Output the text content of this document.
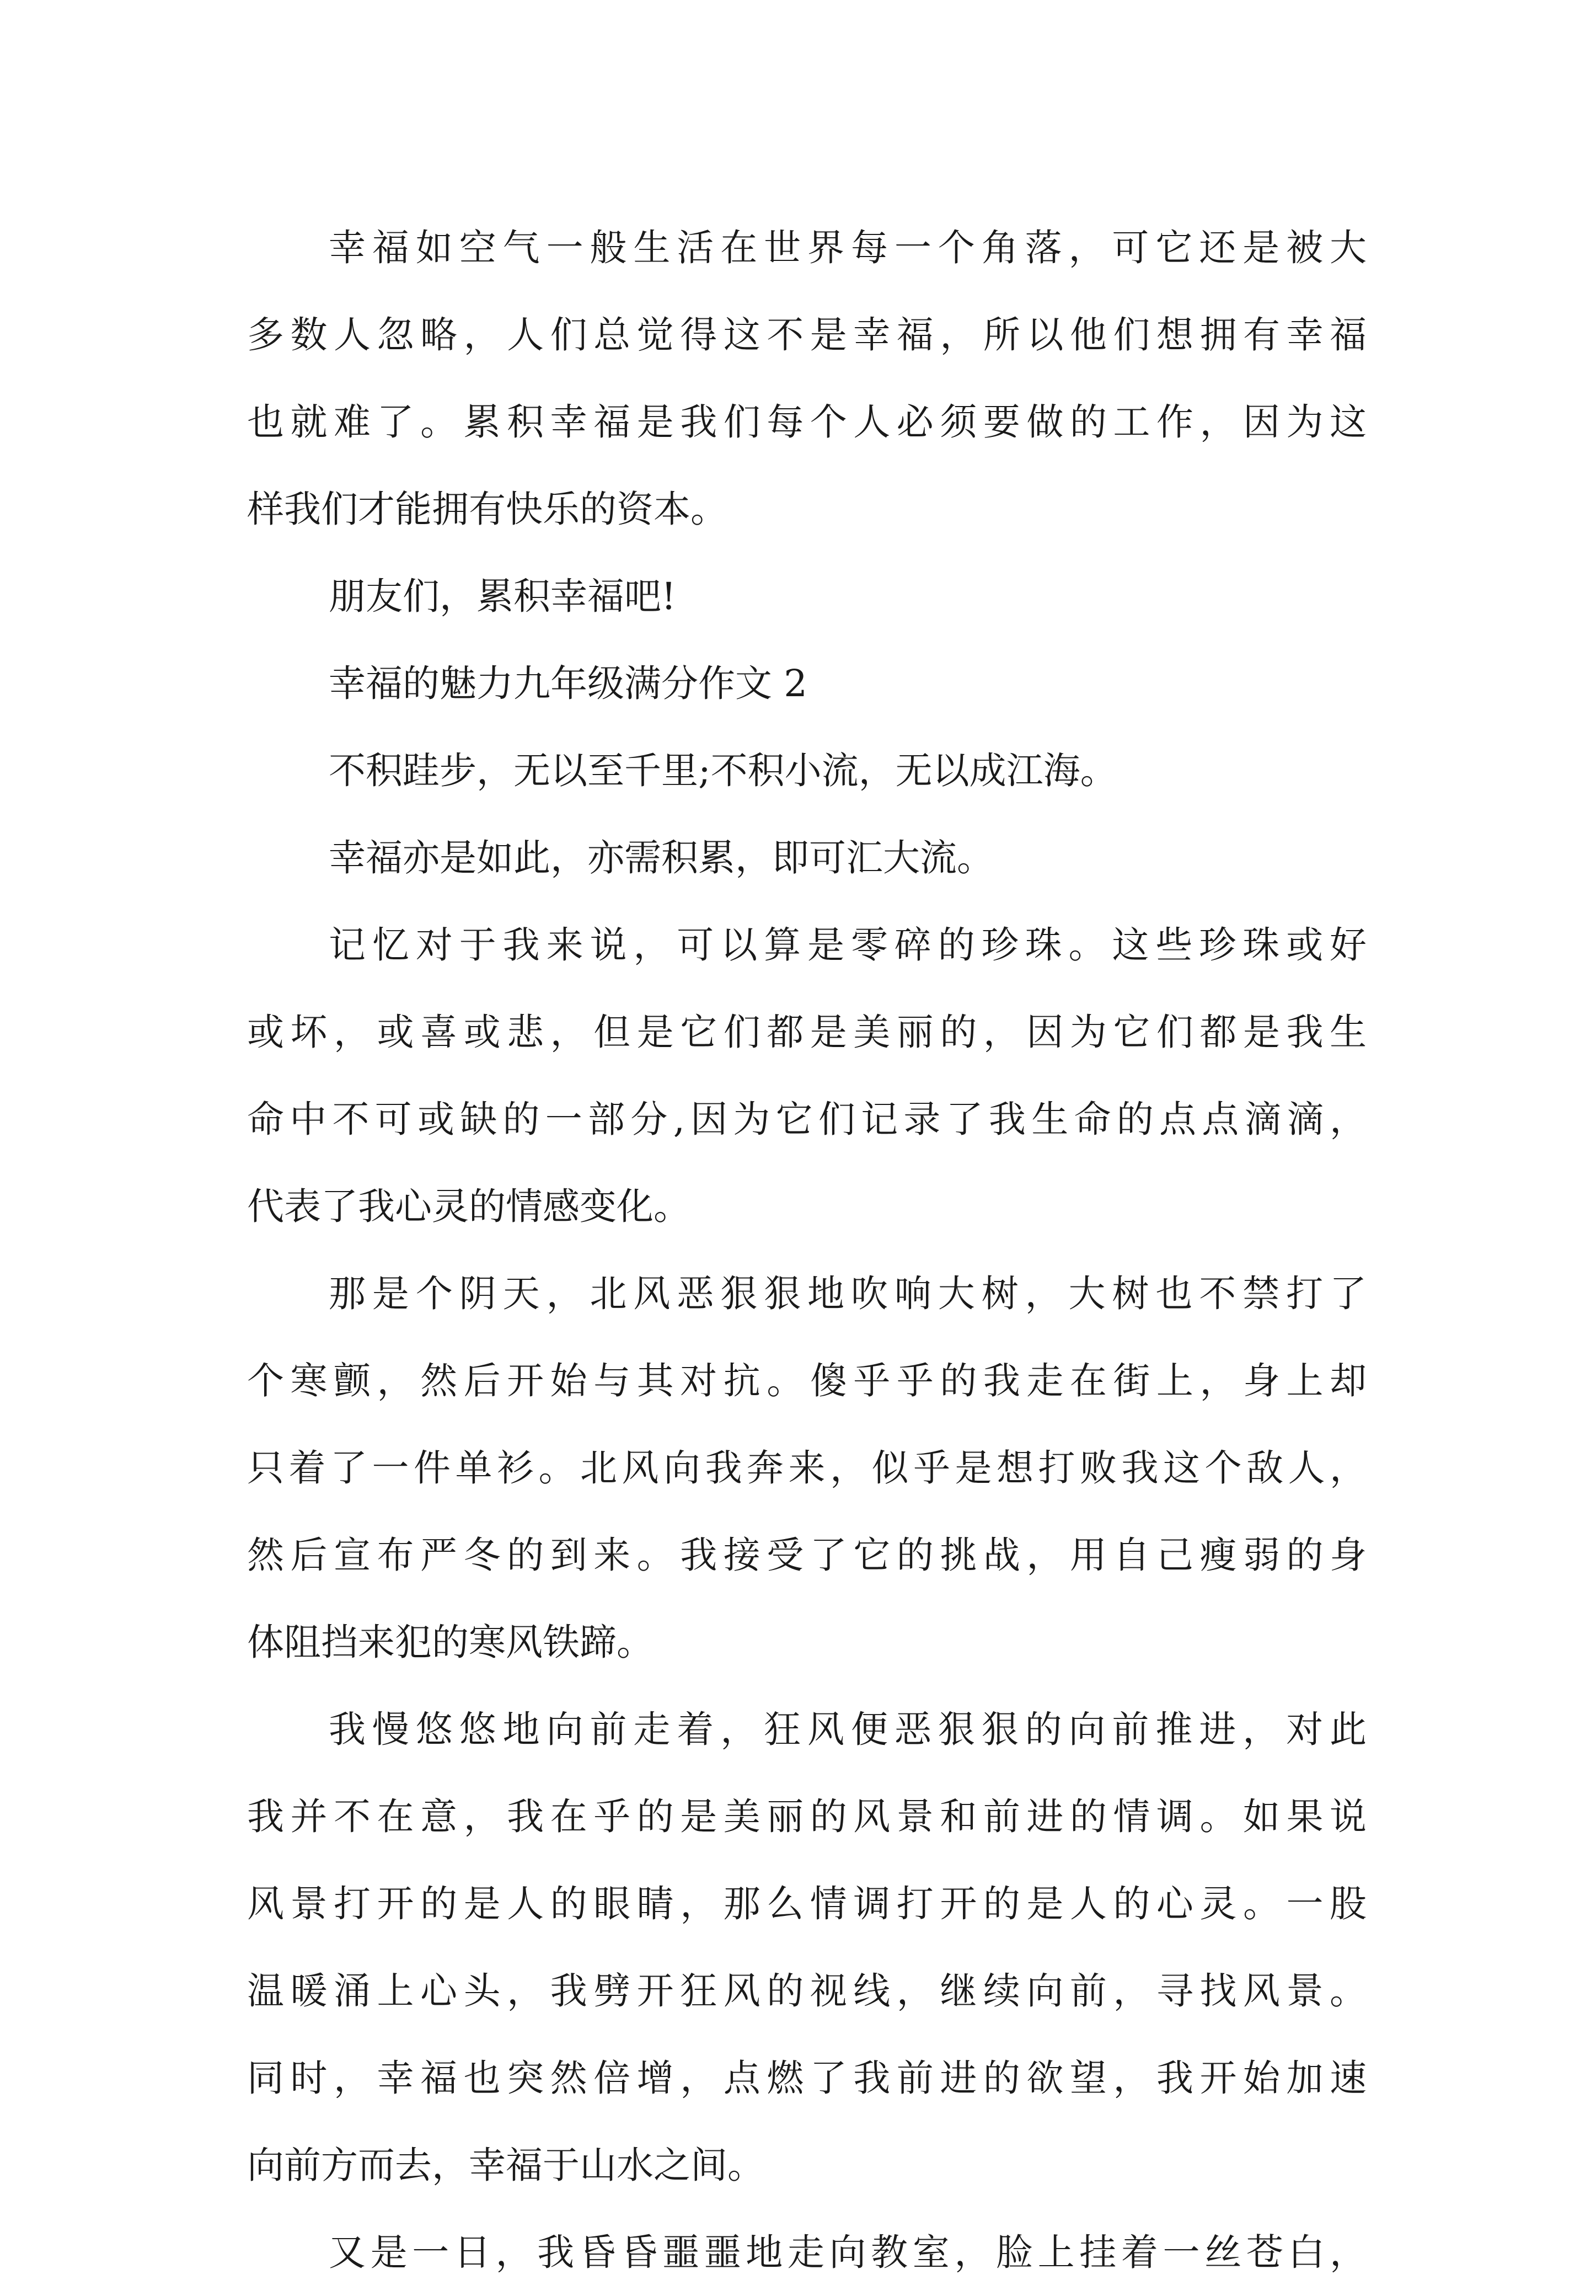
幸福如空气一般生活在世界每一个角落，可它还是被大
多数人忽略，人们总觉得这不是幸福，所以他们想拥有幸福
也就难了。累积幸福是我们每个人必须要做的工作，因为这
样我们才能拥有快乐的资本。
朋友们，累积幸福吧!
幸福的魅力九年级满分作文 2
不积跬步，无以至千里;不积小流，无以成江海。
幸福亦是如此，亦需积累，即可汇大流。
记忆对于我来说，可以算是零碎的珍珠。这些珍珠或好
或坏，或喜或悲，但是它们都是美丽的，因为它们都是我生
命中不可或缺的一部分,因为它们记录了我生命的点点滴滴，
代表了我心灵的情感变化。
那是个阴天，北风恶狠狠地吹响大树，大树也不禁打了
个寒颤，然后开始与其对抗。傻乎乎的我走在街上，身上却
只着了一件单衫。北风向我奔来，似乎是想打败我这个敌人，
然后宣布严冬的到来。我接受了它的挑战，用自己瘦弱的身
体阻挡来犯的寒风铁蹄。
我慢悠悠地向前走着，狂风便恶狠狠的向前推进，对此
我并不在意，我在乎的是美丽的风景和前进的情调。如果说
风景打开的是人的眼睛，那么情调打开的是人的心灵。一股
温暖涌上心头，我劈开狂风的视线，继续向前，寻找风景。
同时，幸福也突然倍增，点燃了我前进的欲望，我开始加速
向前方而去，幸福于山水之间。
又是一日，我昏昏噩噩地走向教室，脸上挂着一丝苍白，
